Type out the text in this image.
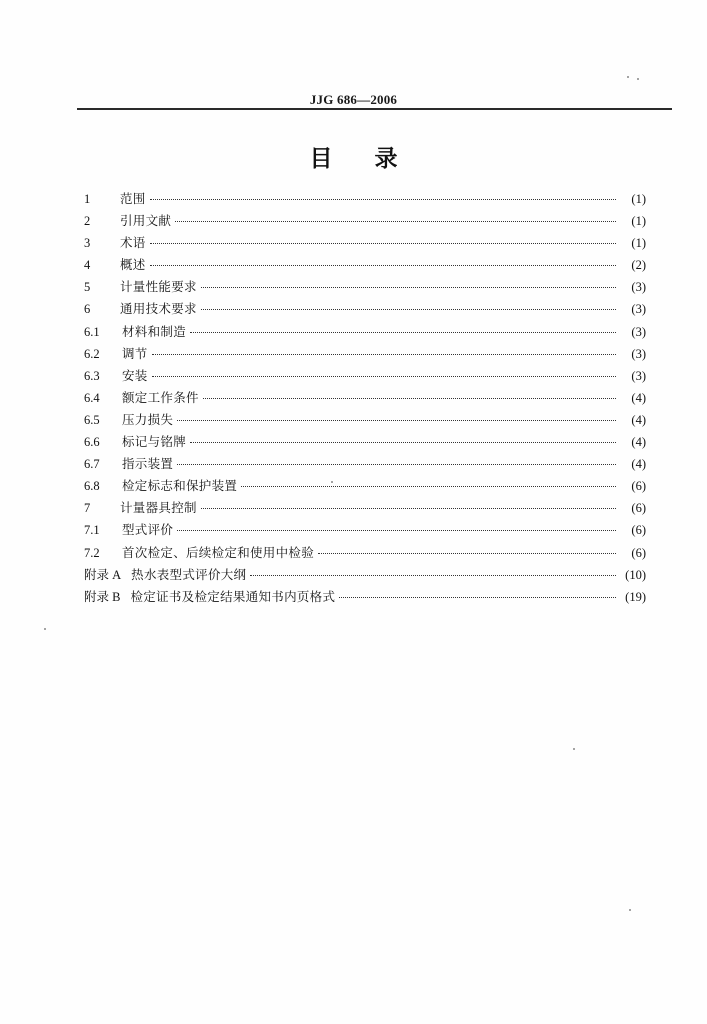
JJG 686—2006
目 录
1	范围	(1)
2	引用文献	(1)
3	术语	(1)
4	概述	(2)
5	计量性能要求	(3)
6	通用技术要求	(3)
6.1	材料和制造	(3)
6.2	调节	(3)
6.3	安装	(3)
6.4	额定工作条件	(4)
6.5	压力损失	(4)
6.6	标记与铭牌	(4)
6.7	指示装置	(4)
6.8	检定标志和保护装置	(6)
7	计量器具控制	(6)
7.1	型式评价	(6)
7.2	首次检定、后续检定和使用中检验	(6)
附录 A 热水表型式评价大纲	(10)
附录 B 检定证书及检定结果通知书内页格式	(19)
